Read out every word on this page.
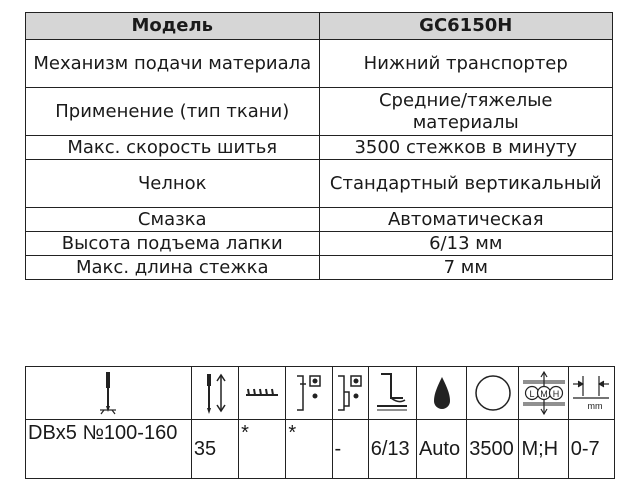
Модель	GC6150H
Механизм подачи материала	Нижний транспортер
Применение (тип ткани)	Средние/тяжелые материалы
Макс. скорость шитья	3500 стежков в минуту
Челнок	Стандартный вертикальный
Смазка	Автоматическая
Высота подъема лапки	6/13 мм
Макс. длина стежка	7 мм

L M H	mm

DBx5 №100-160	35	*	*	-	6/13	Auto	3500	M;H	0-7
